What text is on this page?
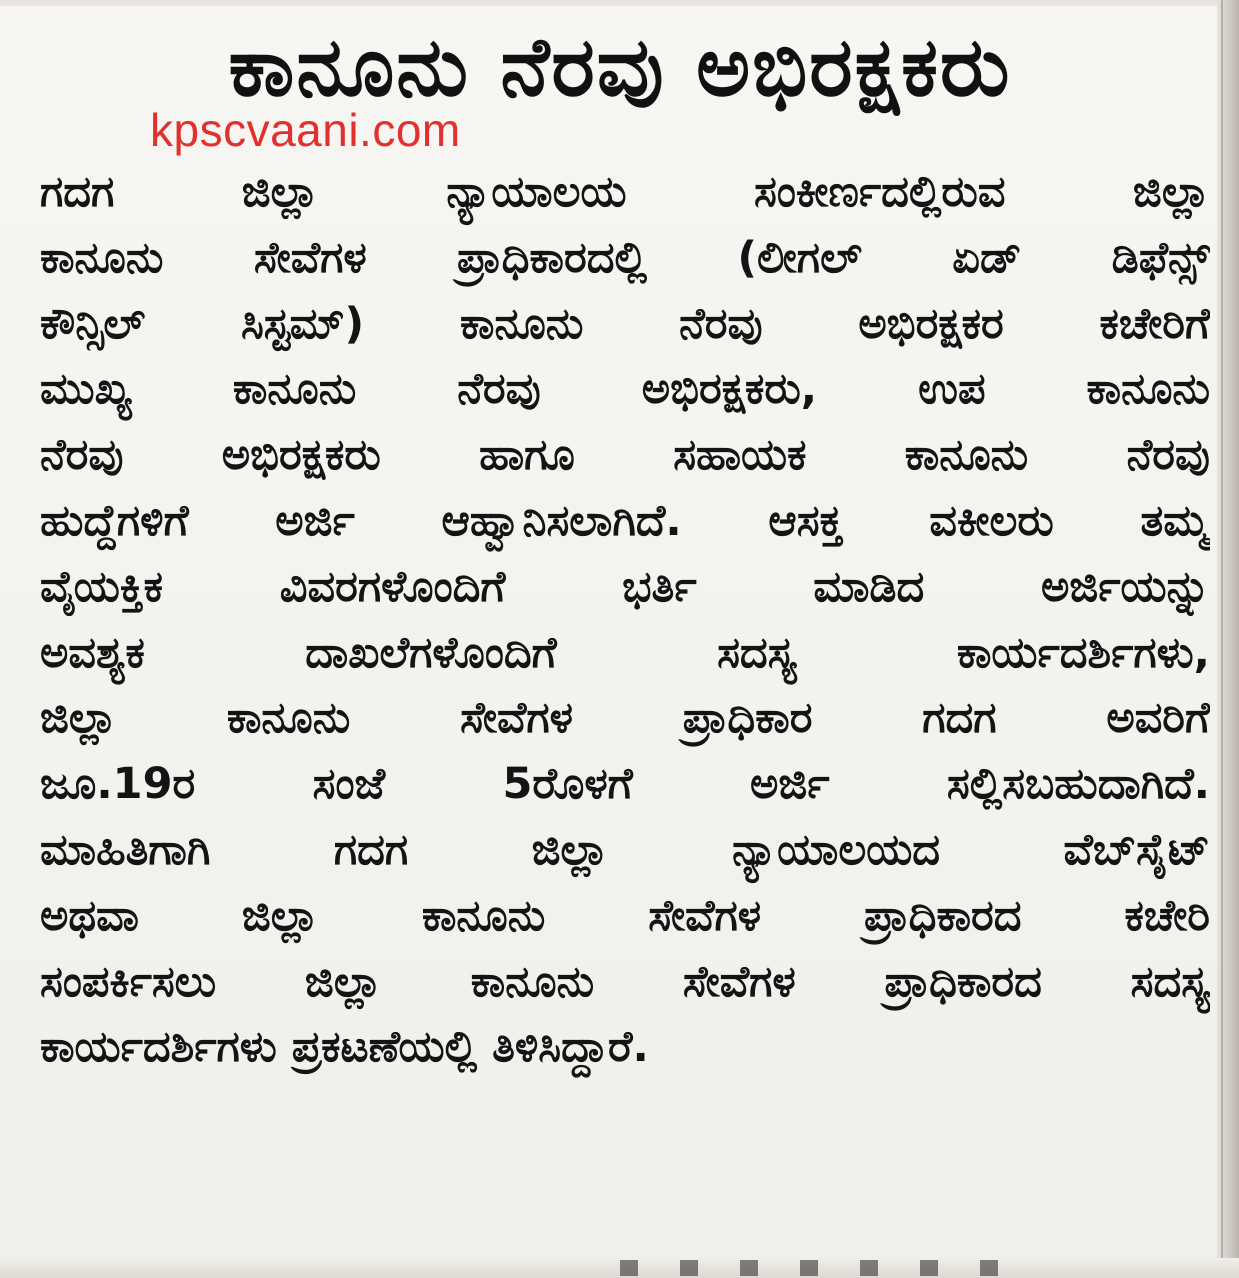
ಕಾನೂನು ನೆರವು ಅಭಿರಕ್ಷಕರು
kpscvaani.com
ಗದಗ ಜಿಲ್ಲಾ ನ್ಯಾಯಾಲಯ ಸಂಕೀರ್ಣದಲ್ಲಿರುವ ಜಿಲ್ಲಾ
ಕಾನೂನು ಸೇವೆಗಳ ಪ್ರಾಧಿಕಾರದಲ್ಲಿ (ಲೀಗಲ್ ಏಡ್ ಡಿಫೆನ್ಸ್
ಕೌನ್ಸಿಲ್ ಸಿಸ್ಟಮ್) ಕಾನೂನು ನೆರವು ಅಭಿರಕ್ಷಕರ ಕಚೇರಿಗೆ
ಮುಖ್ಯ ಕಾನೂನು ನೆರವು ಅಭಿರಕ್ಷಕರು, ಉಪ ಕಾನೂನು
ನೆರವು ಅಭಿರಕ್ಷಕರು ಹಾಗೂ ಸಹಾಯಕ ಕಾನೂನು ನೆರವು
ಹುದ್ದೆಗಳಿಗೆ ಅರ್ಜಿ ಆಹ್ವಾನಿಸಲಾಗಿದೆ. ಆಸಕ್ತ ವಕೀಲರು ತಮ್ಮ
ವೈಯಕ್ತಿಕ ವಿವರಗಳೊಂದಿಗೆ ಭರ್ತಿ ಮಾಡಿದ ಅರ್ಜಿಯನ್ನು
ಅವಶ್ಯಕ ದಾಖಲೆಗಳೊಂದಿಗೆ ಸದಸ್ಯ ಕಾರ್ಯದರ್ಶಿಗಳು,
ಜಿಲ್ಲಾ ಕಾನೂನು ಸೇವೆಗಳ ಪ್ರಾಧಿಕಾರ ಗದಗ ಅವರಿಗೆ
ಜೂ.19ರ ಸಂಜೆ 5ರೊಳಗೆ ಅರ್ಜಿ ಸಲ್ಲಿಸಬಹುದಾಗಿದೆ.
ಮಾಹಿತಿಗಾಗಿ ಗದಗ ಜಿಲ್ಲಾ ನ್ಯಾಯಾಲಯದ ವೆಬ್‌ಸೈಟ್
ಅಥವಾ ಜಿಲ್ಲಾ ಕಾನೂನು ಸೇವೆಗಳ ಪ್ರಾಧಿಕಾರದ ಕಚೇರಿ
ಸಂಪರ್ಕಿಸಲು ಜಿಲ್ಲಾ ಕಾನೂನು ಸೇವೆಗಳ ಪ್ರಾಧಿಕಾರದ ಸದಸ್ಯ
ಕಾರ್ಯದರ್ಶಿಗಳು ಪ್ರಕಟಣೆಯಲ್ಲಿ ತಿಳಿಸಿದ್ದಾರೆ.
